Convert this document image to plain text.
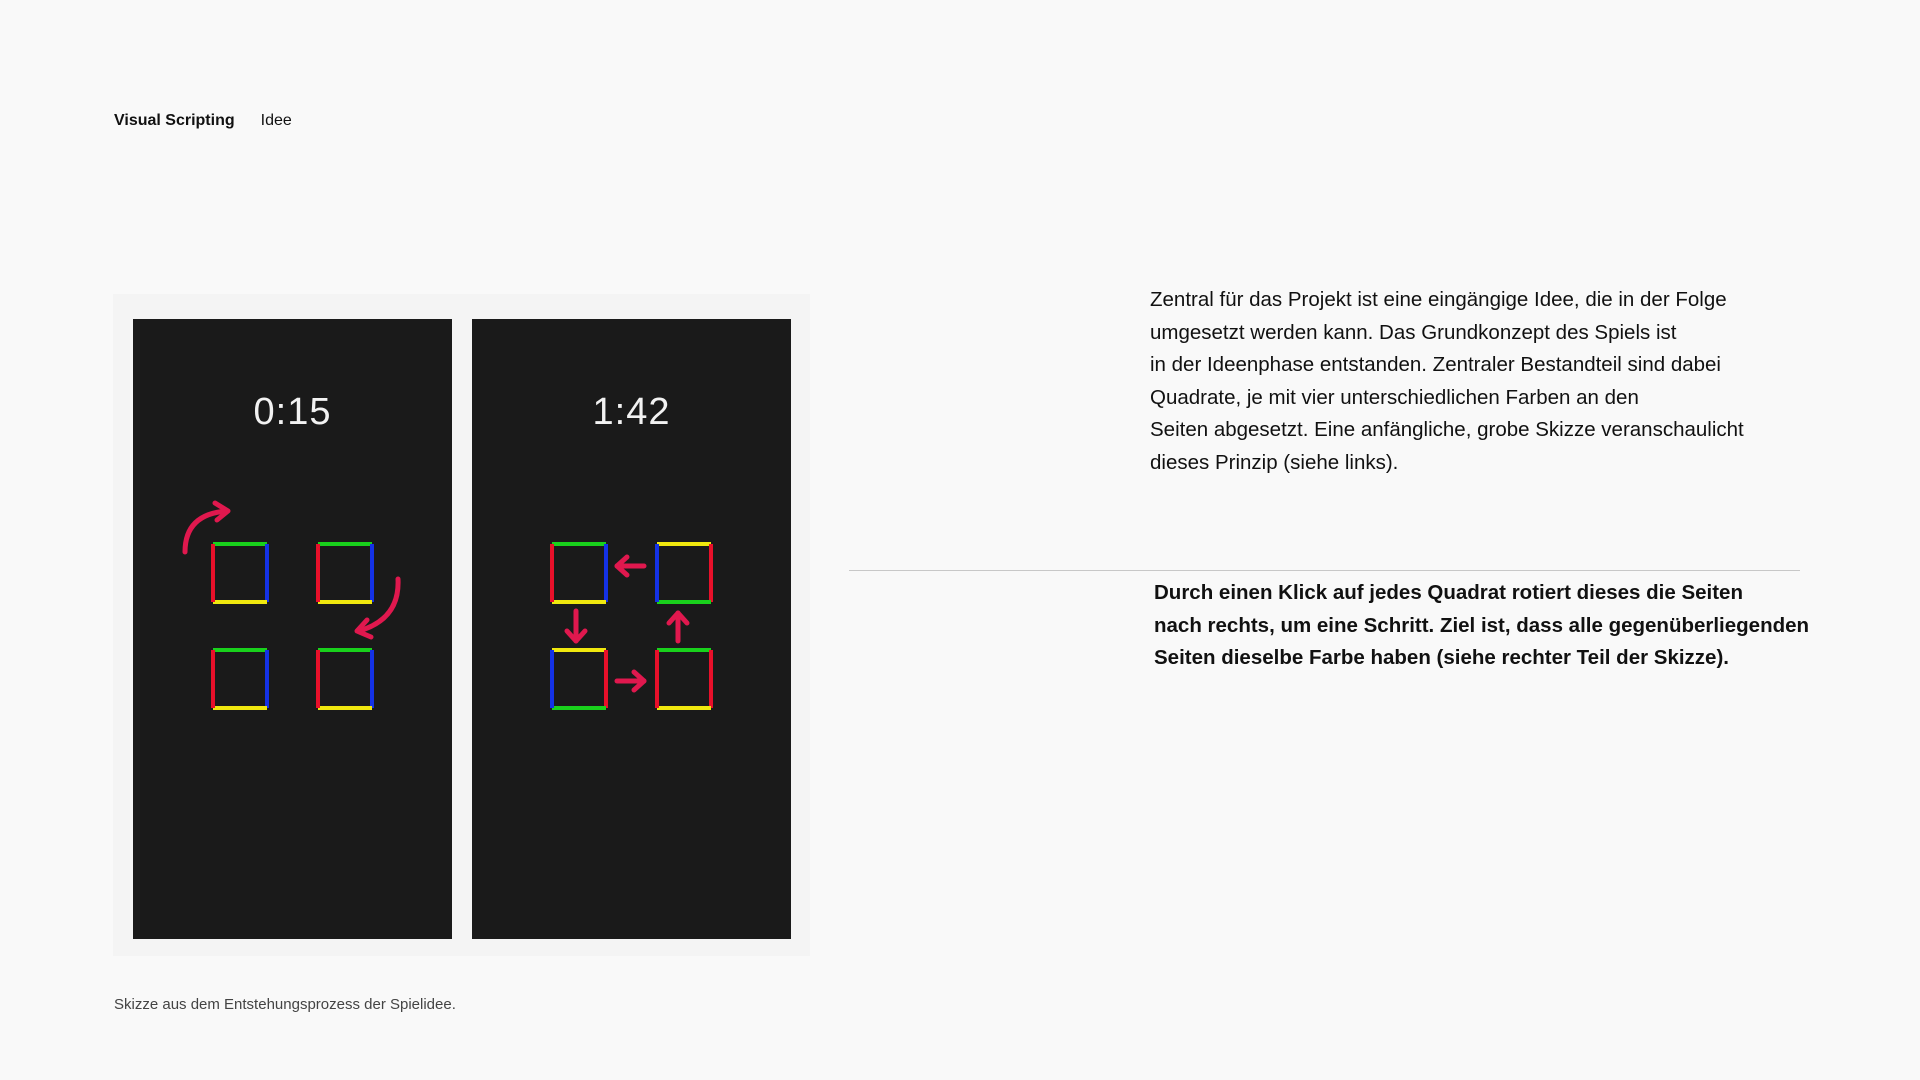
Visual Scripting Idee
0:15	1:42
Skizze aus dem Entstehungsprozess der Spielidee.

Zentral für das Projekt ist eine eingängige Idee, die in der Folge
umgesetzt werden kann. Das Grundkonzept des Spiels ist
in der Ideenphase entstanden. Zentraler Bestandteil sind dabei
Quadrate, je mit vier unterschiedlichen Farben an den
Seiten abgesetzt. Eine anfängliche, grobe Skizze veranschaulicht
dieses Prinzip (siehe links).

Durch einen Klick auf jedes Quadrat rotiert dieses die Seiten
nach rechts, um eine Schritt. Ziel ist, dass alle gegenüberliegenden
Seiten dieselbe Farbe haben (siehe rechter Teil der Skizze).
